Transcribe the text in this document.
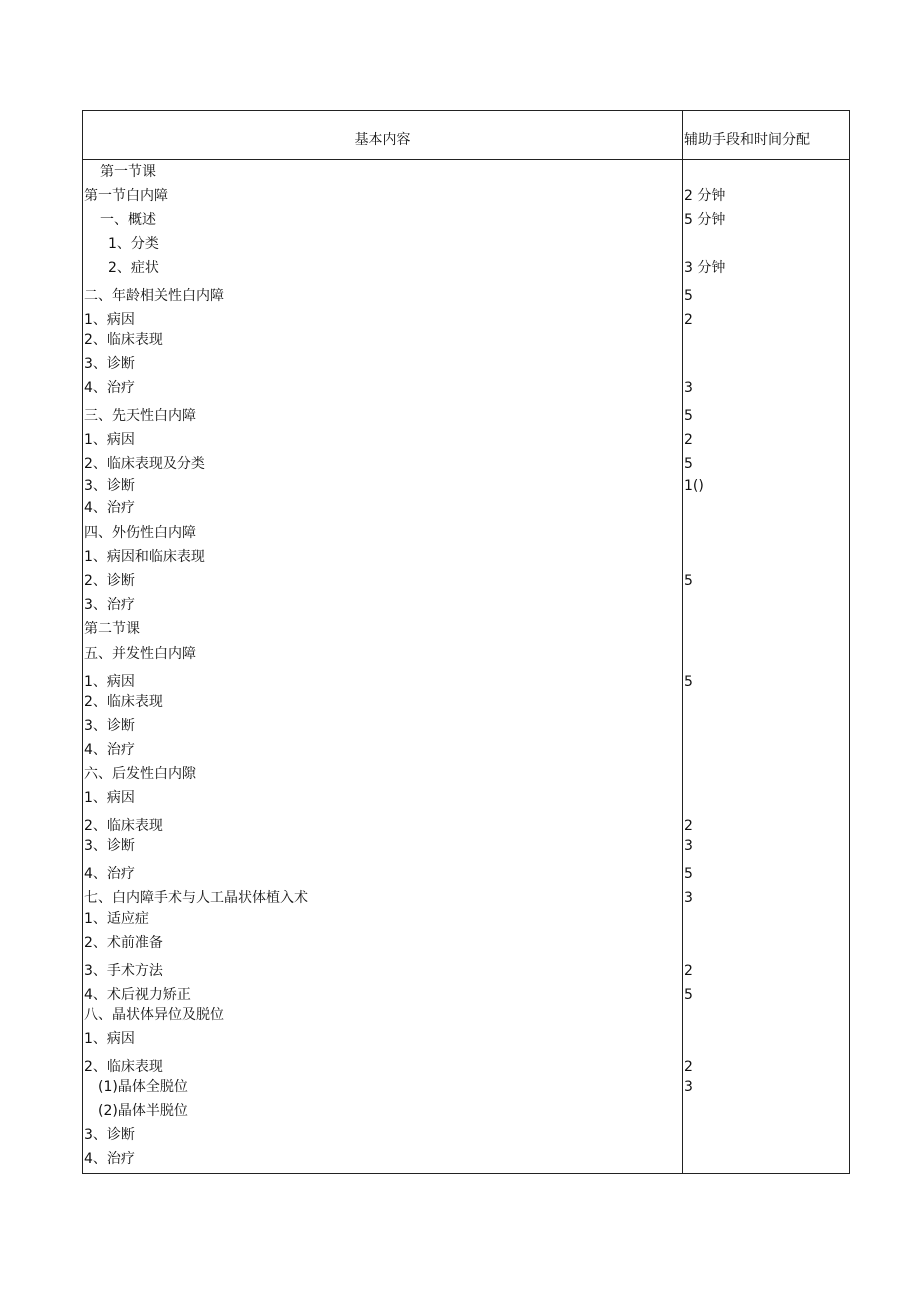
基本内容	辅助手段和时间分配
第一节课
第一节白内障	2 分钟
一、概述	5 分钟
1、分类
2、症状	3 分钟
二、年龄相关性白内障	5
1、病因	2
2、临床表现
3、诊断
4、治疗	3
三、先天性白内障	5
1、病因	2
2、临床表现及分类	5
3、诊断	1()
4、治疗
四、外伤性白内障
1、病因和临床表现
2、诊断	5
3、治疗
第二节课
五、并发性白内障
1、病因	5
2、临床表现
3、诊断
4、治疗
六、后发性白内隙
1、病因
2、临床表现	2
3、诊断	3
4、治疗	5
七、白内障手术与人工晶状体植入术	3
1、适应症
2、术前准备
3、手术方法	2
4、术后视力矫正	5
八、晶状体异位及脱位
1、病因
2、临床表现	2
(1)晶体全脱位	3
(2)晶体半脱位
3、诊断
4、治疗
